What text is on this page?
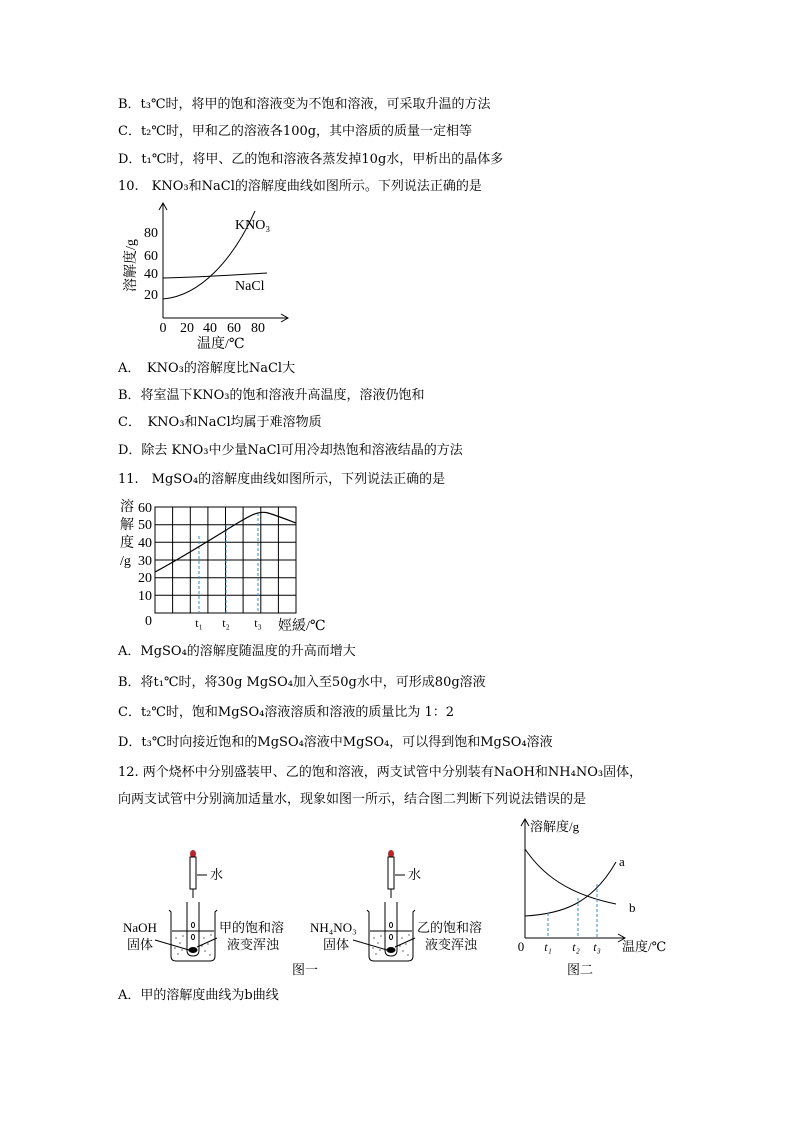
B．t₃℃时，将甲的饱和溶液变为不饱和溶液，可采取升温的方法
C．t₂℃时，甲和乙的溶液各100g，其中溶质的质量一定相等
D．t₁℃时，将甲、乙的饱和溶液各蒸发掉10g水，甲析出的晶体多
10.　KNO₃和NaCl的溶解度曲线如图所示。下列说法正确的是
80
60
40
20
0 20 40 60 80
KNO₃
NaCl
温度/℃
溶解度/g
A．　KNO₃的溶解度比NaCl大
B．将室温下KNO₃的饱和溶液升高温度，溶液仍饱和
C．　KNO₃和NaCl均属于难溶物质
D．除去 KNO₃中少量NaCl可用冷却热饱和溶液结晶的方法
11.　MgSO₄的溶解度曲线如图所示，下列说法正确的是
溶
解
度
/g
60
50
40
30
20
10
0	t₁ t₂ t₃ 娙緩/℃
A．MgSO₄的溶解度随温度的升高而增大
B．将t₁℃时，将30g MgSO₄加入至50g水中，可形成80g溶液
C．t₂℃时，饱和MgSO₄溶液溶质和溶液的质量比为 1：2
D．t₃℃时向接近饱和的MgSO₄溶液中MgSO₄，可以得到饱和MgSO₄溶液
12. 两个烧杯中分别盛装甲、乙的饱和溶液，两支试管中分别装有NaOH和NH₄NO₃固体，
向两支试管中分别滴加适量水，现象如图一所示，结合图二判断下列说法错误的是
水
NaOH
固体
甲的饱和溶
液变浑浊
水
NH₄NO₃
固体
乙的饱和溶
液变浑浊
图一
溶解度/g
a
b
0 t₁ t₂ t₃ 温度/℃
图二
A．甲的溶解度曲线为b曲线
